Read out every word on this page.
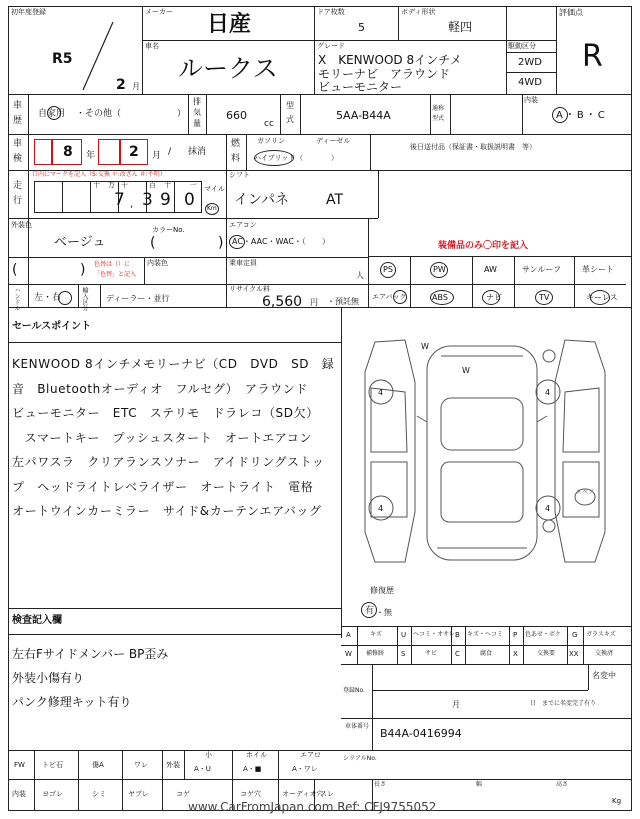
初年度登録
R5
2 月
メーカー 日産
車名
ルークス
ドア枚数
5
ボディ形状
軽四
グレード
X　KENWOOD 8インチメ
モリーナビ　アラウンド
ビューモニター
駆動区分
2WD
4WD
評価点
R
車
歴
自家用 ・その他（	）
排
気
量
660
cc
型
式	5AA-B44A
通称
型式
内装
A・B・C
車
検	8 年 2 月 / 抹消
燃
料
ガソリン	ディーゼル
ハイブリッド （　　　　）
後日送付品（保証書・取扱説明書　等）
走
行
口内にマークを記入（S:交換 ＊:改ざん ＃:不明）
十 万 千	百 十	一
7 , 3 9 0
マイル
Km
シフト
インパネ	AT
外装色
ベージュ
カラーNo.
(	)
エアコン
AC・AAC・WAC・（　　）
(	) 色替は（）に
「色替」と記入
内装色	乗車定員
人
装備品のみ〇印を記入
PS	PW	AW	サンルーフ	革シート
エアバック	ABS	ナビ	TV	キーレス
ハンドル 左・右	輸入区分 ディーラー・並行
リサイクル料
6,560 円 ・預託無
セールスポイント
KENWOOD 8インチメモリーナビ（CD　DVD　SD　録
音　Bluetoothオーディオ　フルセグ）　アラウンド
ビューモニター　ETC　ステリモ　ドラレコ（SD欠）
　スマートキー　プッシュスタート　オートエアコン
左パワスラ　クリアランスソナー　アイドリングストッ
プ　ヘッドライトレベライザー　オートライト　電格
オートウインカーミラー　サイド&カーテンエアバッグ
W
W
4	4
4	4
スペア
修復歴
有 ・無
検査記入欄
左右Fサイドメンバー BP歪み
外装小傷有り
パンク修理キット有り
A	キズ	U ヘコミ・オサレ B キズ・ヘコミ P 色あせ・ボケ G ガラスキズ
W 補修跡 S	サビ	C	腐食	X	交換要 XX	交換済
登録No.
名変中
月	日　までに名変完了有り
車体番号
B44A-0416994
シリアルNo.
FW トビ石	傷A	ワレ	外装
小
A・U
ホイル
A・■
エアロ
A・ワレ
内装 ヨゴレ	シミ	ヤブレ	コゲ	コゲ穴	オーディオ穴
スレ
長さ	幅	高さ
Kg
www.CarFromJapan.com Ref: CFJ9755052
